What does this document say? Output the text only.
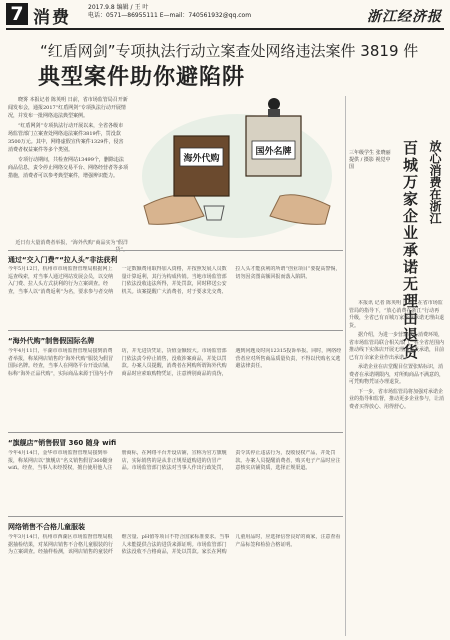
7 消费
2017.9.8 编辑 / 王 叶
电话：0571—86955111 E—mail：740561932@qq.com	浙江经济报
“红盾网剑”专项执法行动立案查处网络违法案件 3819 件
典型案件助你避陷阱

晓雾 本报记者 陈英明 日前，省市场监管局召开新闻发布会，通报2017“红盾网剑”专项执法行动开展情况，并发布一批网络违法典型案例。

“红盾网剑”专项执法行动开展以来，全省各级市场监管部门立案查处网络违法案件3819件，罚没款3500万元。其中，网络虚假宣传案件1329件，侵害消费者权益案件等多个类别。

专项行动期间，共检查网站13499个，删除违法商品信息，责令停止网络交易平台、网络经营者等多项措施，消费者可以参考典型案件，增强辨识能力。

海外代购
国外名牌
近日有大量消费者举报，“海外代购”商品实为“假洋
通过“交入门费”“拉人头”非法获利
今年5月12日，杭州市市场监督管理局根据网上巡查线索，对当事人通过网站发展会员，以交纳入门费、拉人头方式获利的行为立案调查。经查，当事人以“消费返利”为名，要求参与者交纳一定数额费用取得加入资格，并按照发展人员数量计算返利，其行为构成传销。当地市场监管部门依法没收违法所得，并处罚款，同时移送公安机关。该案提醒广大消费者，对于要求先交费、拉人头才能获利的所谓“创业项目”要提高警惕，切勿因贪图高额回报而落入陷阱。
“海外代购”制售假国际名牌
今年4月11日，平湖市市场监督管理局接到消费者举报，称某网店销售的“海外代购”服装为假冒国际名牌。经查，当事人在网络平台开设店铺，标称“海外正品代购”，实际商品来源于国内小作坊，并无进货凭证，货值金额较大。市场监管部门依法责令停止销售，没收涉案商品，并处以罚款。办案人员提醒，消费者在网购所谓海外代购商品时应索取购物凭证，注意辨别商品的真伪，遇到问题及时向12315投诉举报。同时，网络经营者应对所售商品质量负责，不得以代购名义逃避法律责任。
“旗舰店”销售假冒 360 随身 wifi
今年4月14日，金华市市场监督管理局接到举报，称某网店以“旗舰店”名义销售假冒360随身wifi。经查，当事人未经授权，擅自使用他人注册商标，在网络平台开设店铺，宣称为官方旗舰店，实际销售的是从非正规渠道购进的仿冒产品。市场监管部门依法对当事人作出行政处罚，责令其停止违法行为，没收侵权产品，并处罚款。办案人员提醒消费者，购买电子产品时应注意核实店铺资质，选择正规渠道。
网络销售不合格儿童服装
今年3月14日，杭州市西湖区市场监督管理局根据抽检结果，对某网店销售不合格儿童服装的行为立案调查。经抽样检测，该网店销售的童装纤维含量、pH值等项目不符合国家标准要求。当事人未能提供合法的进货来源证明。市场监管部门依法没收不合格商品，并处以罚款。家长在网购儿童用品时，应选择信誉良好的商家，注意查看产品标签和检验合格证明。
三年级学生 张晓丽 提供 / 摄影 视觉中国	放心消费在浙江
百城万家企业承诺无理由退货

本报讯 记者 陈英明 日前，在省市场监管局的指导下，“放心消费在浙江”行动再升级，全省已有百城万家企业承诺无理由退货。

据介绍，为进一步营造放心消费环境，省市场监管局联合相关部门，在全省范围内推动线下实体店开展无理由退货承诺，目前已有万余家企业作出承诺。

承诺企业在店堂醒目位置张贴标识，消费者在承诺期限内，对所购商品不满意的，可凭购物凭证办理退货。

下一步，省市场监管局将加强对承诺企业的指导和监督，推动更多企业参与，让消费者买得放心、用得舒心。
